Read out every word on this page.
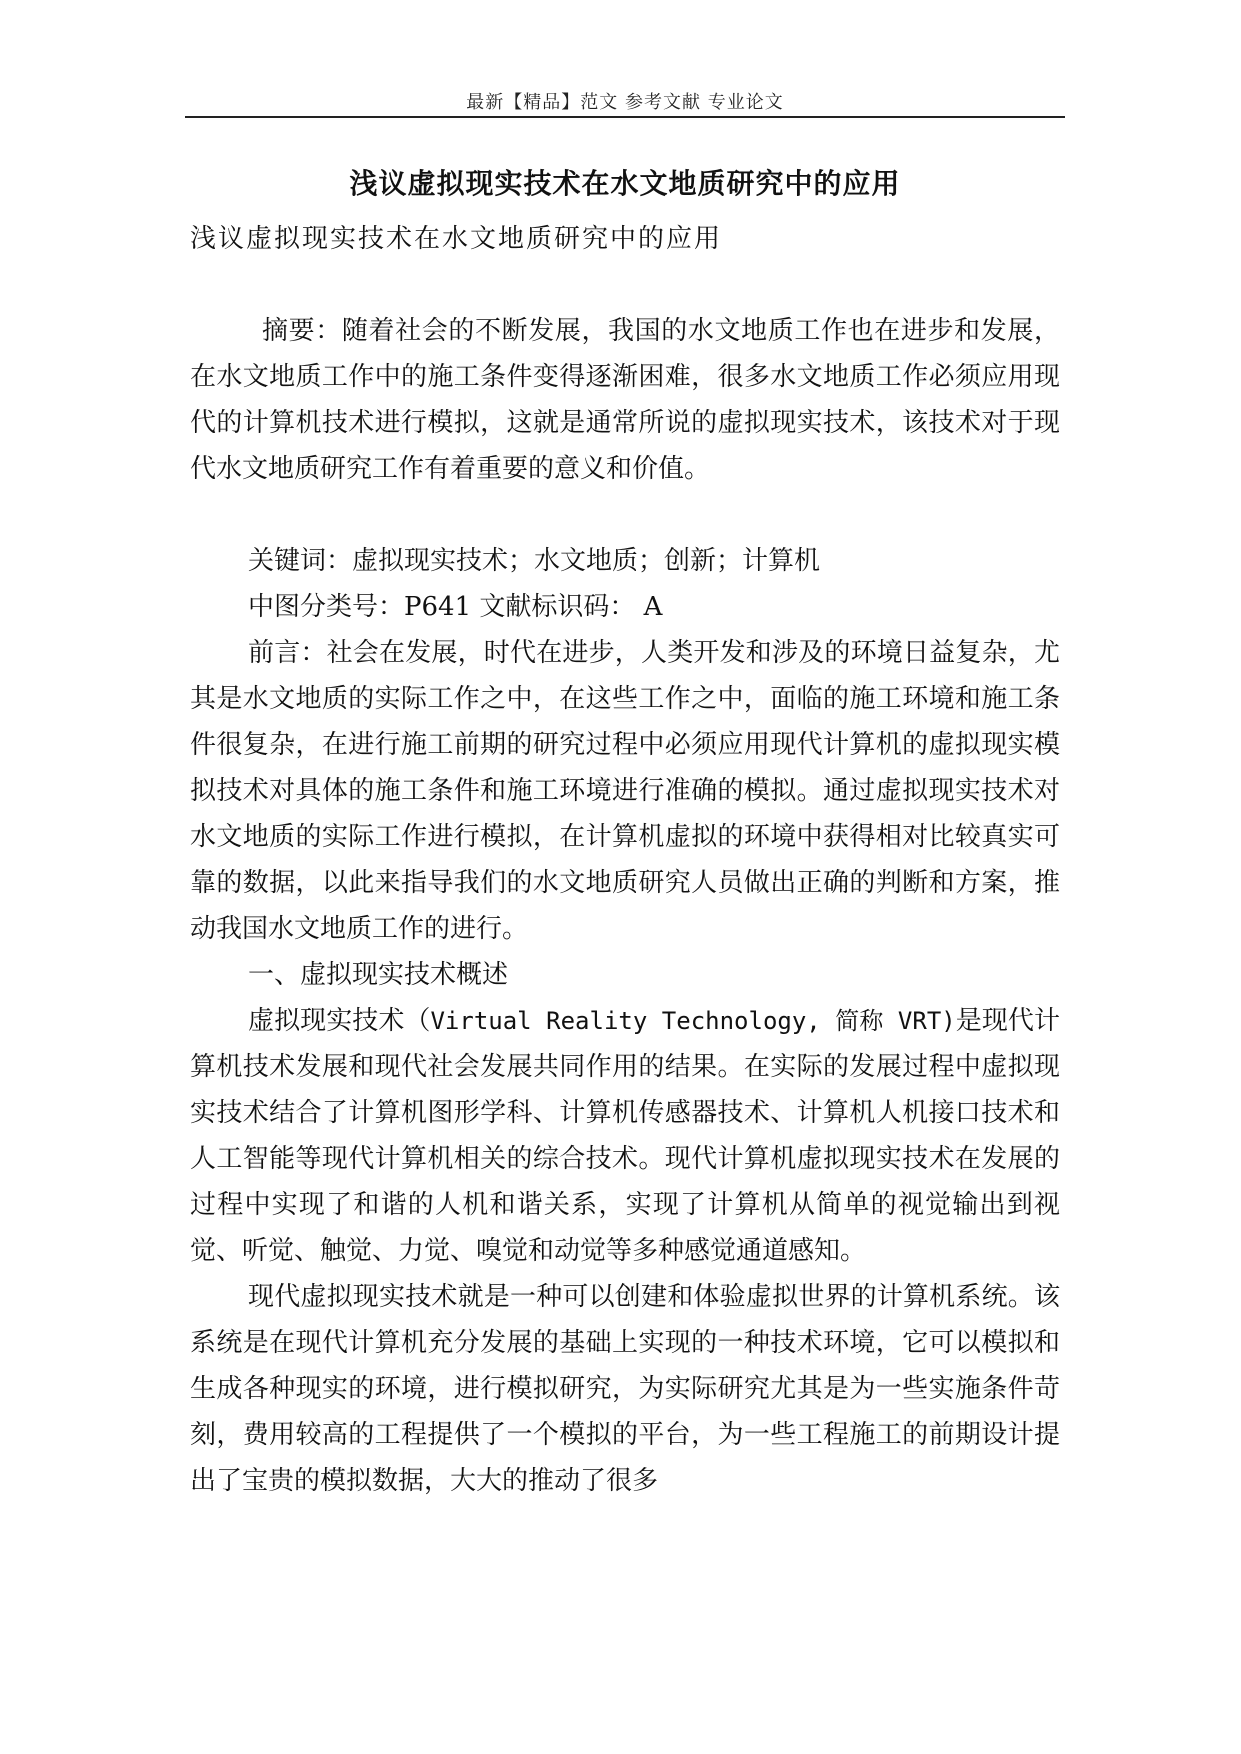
最新【精品】范文 参考文献 专业论文
浅议虚拟现实技术在水文地质研究中的应用

浅议虚拟现实技术在水文地质研究中的应用

摘要：随着社会的不断发展，我国的水文地质工作也在进步和发展，在水文地质工作中的施工条件变得逐渐困难，很多水文地质工作必须应用现代的计算机技术进行模拟，这就是通常所说的虚拟现实技术，该技术对于现代水文地质研究工作有着重要的意义和价值。

关键词：虚拟现实技术；水文地质；创新；计算机

中图分类号：P641 文献标识码： A

前言：社会在发展，时代在进步，人类开发和涉及的环境日益复杂，尤其是水文地质的实际工作之中，在这些工作之中，面临的施工环境和施工条件很复杂，在进行施工前期的研究过程中必须应用现代计算机的虚拟现实模拟技术对具体的施工条件和施工环境进行准确的模拟。通过虚拟现实技术对水文地质的实际工作进行模拟，在计算机虚拟的环境中获得相对比较真实可靠的数据，以此来指导我们的水文地质研究人员做出正确的判断和方案，推动我国水文地质工作的进行。

一、虚拟现实技术概述

虚拟现实技术（Virtual Reality Technology, 简称 VRT)是现代计算机技术发展和现代社会发展共同作用的结果。在实际的发展过程中虚拟现实技术结合了计算机图形学科、计算机传感器技术、计算机人机接口技术和人工智能等现代计算机相关的综合技术。现代计算机虚拟现实技术在发展的过程中实现了和谐的人机和谐关系，实现了计算机从简单的视觉输出到视觉、听觉、触觉、力觉、嗅觉和动觉等多种感觉通道感知。

现代虚拟现实技术就是一种可以创建和体验虚拟世界的计算机系统。该系统是在现代计算机充分发展的基础上实现的一种技术环境，它可以模拟和生成各种现实的环境，进行模拟研究，为实际研究尤其是为一些实施条件苛刻，费用较高的工程提供了一个模拟的平台，为一些工程施工的前期设计提出了宝贵的模拟数据，大大的推动了很多
